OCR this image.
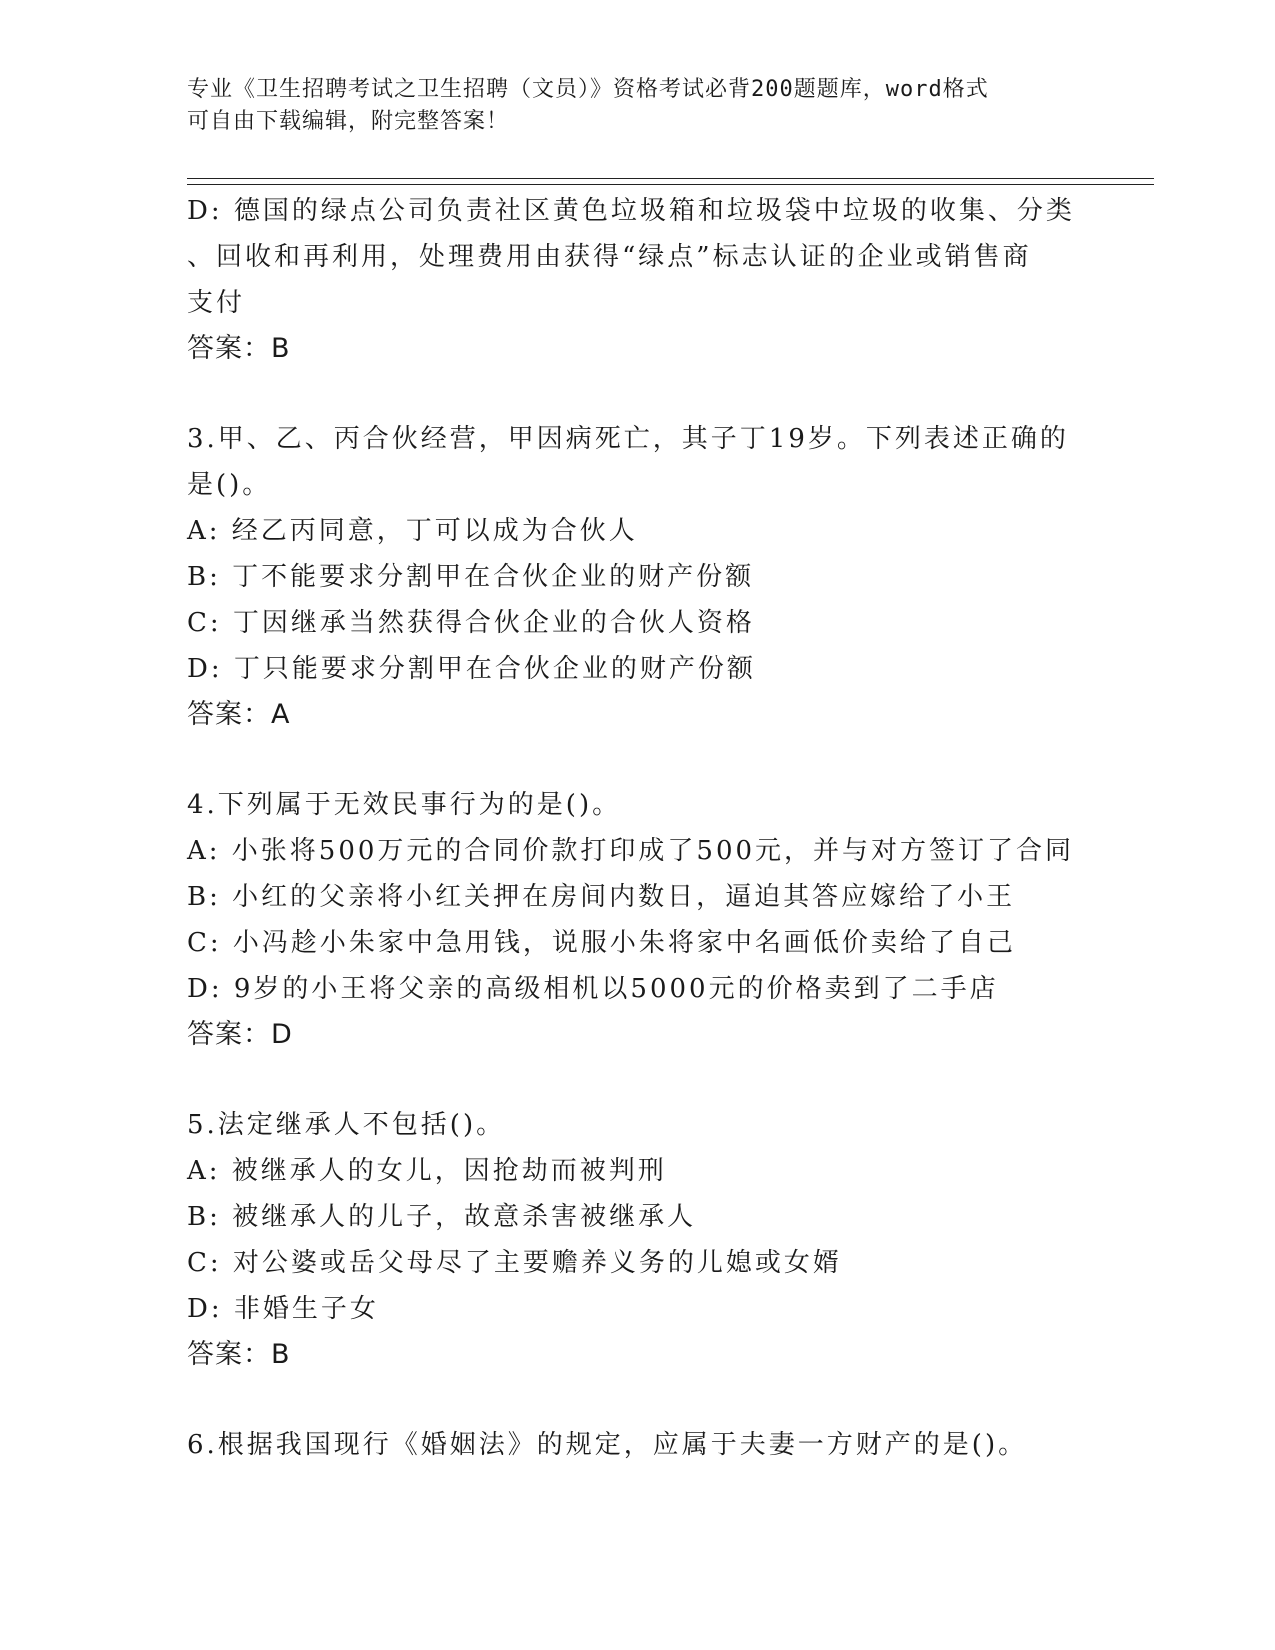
专业《卫生招聘考试之卫生招聘（文员）》资格考试必背200题题库，word格式
可自由下载编辑，附完整答案！
D: 德国的绿点公司负责社区黄色垃圾箱和垃圾袋中垃圾的收集、分类
、回收和再利用，处理费用由获得“绿点”标志认证的企业或销售商
支付
答案：B
3.甲、乙、丙合伙经营，甲因病死亡，其子丁19岁。下列表述正确的
是()。
A: 经乙丙同意，丁可以成为合伙人
B: 丁不能要求分割甲在合伙企业的财产份额
C: 丁因继承当然获得合伙企业的合伙人资格
D: 丁只能要求分割甲在合伙企业的财产份额
答案：A
4.下列属于无效民事行为的是()。
A: 小张将500万元的合同价款打印成了500元，并与对方签订了合同
B: 小红的父亲将小红关押在房间内数日，逼迫其答应嫁给了小王
C: 小冯趁小朱家中急用钱，说服小朱将家中名画低价卖给了自己
D: 9岁的小王将父亲的高级相机以5000元的价格卖到了二手店
答案：D
5.法定继承人不包括()。
A: 被继承人的女儿，因抢劫而被判刑
B: 被继承人的儿子，故意杀害被继承人
C: 对公婆或岳父母尽了主要赡养义务的儿媳或女婿
D: 非婚生子女
答案：B
6.根据我国现行《婚姻法》的规定，应属于夫妻一方财产的是()。
